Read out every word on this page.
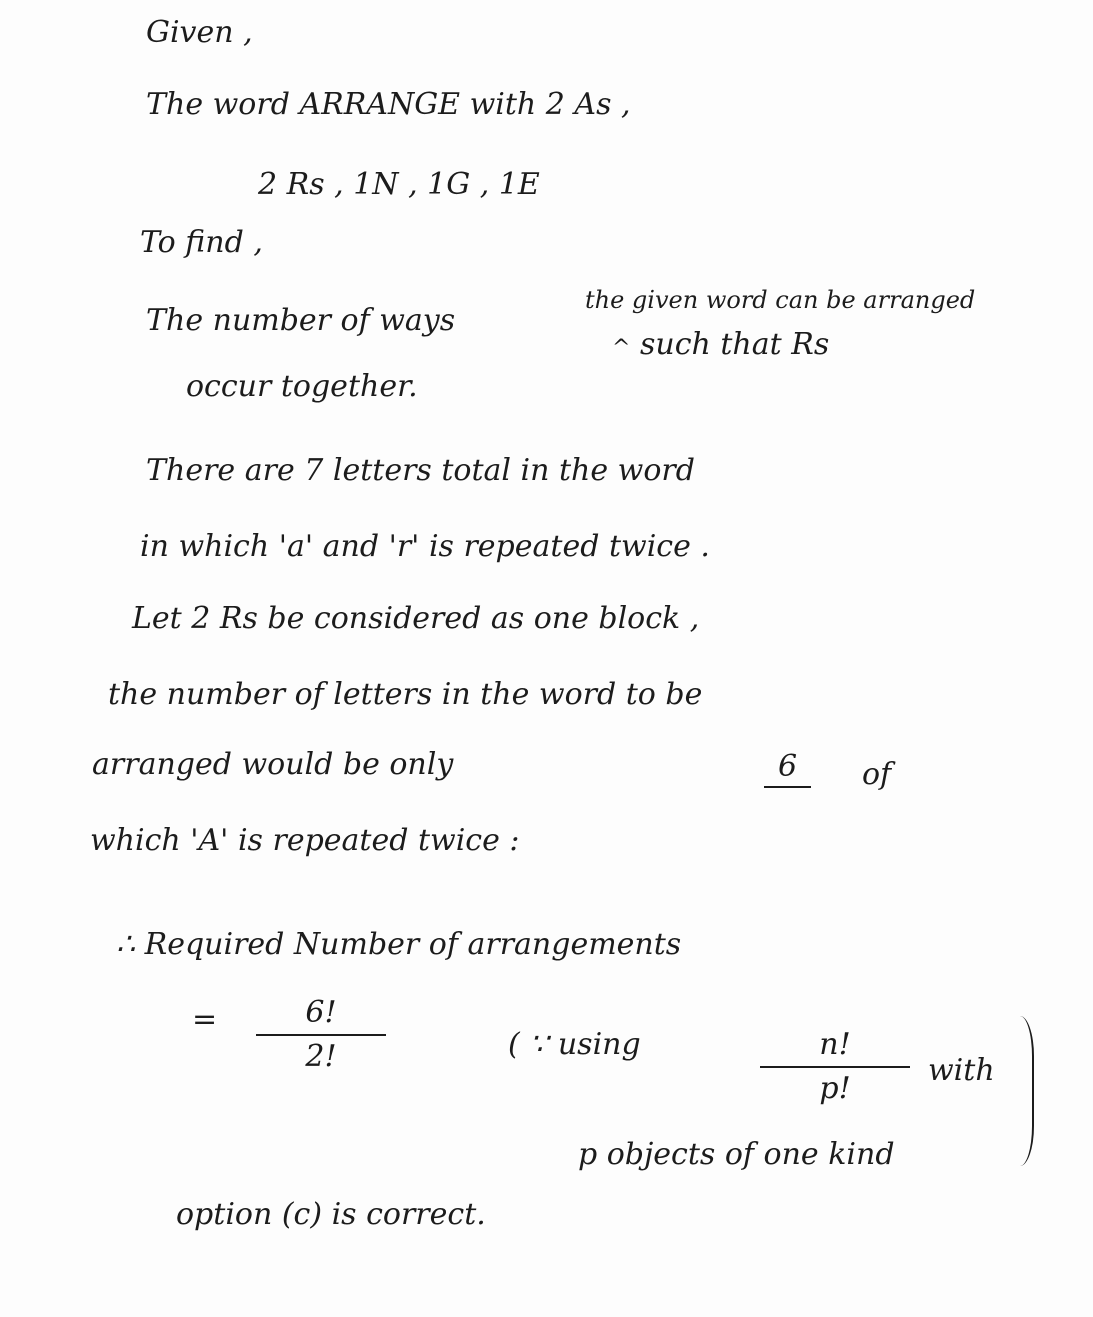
Given ,
The word ARRANGE with 2 As ,
2 Rs , 1N , 1G , 1E
To find ,
The number of ways
the given word can be arranged
^ such that Rs
occur together.
There are 7 letters total in the word
in which 'a' and 'r' is repeated twice .
Let 2 Rs be considered as one block ,
the number of letters in the word to be
arranged would be only	6	of
which 'A' is repeated twice :
∴ Required Number of arrangements
=	6!
2!	( ∵ using	n!
p!
with
p objects of one kind
option (c) is correct.
